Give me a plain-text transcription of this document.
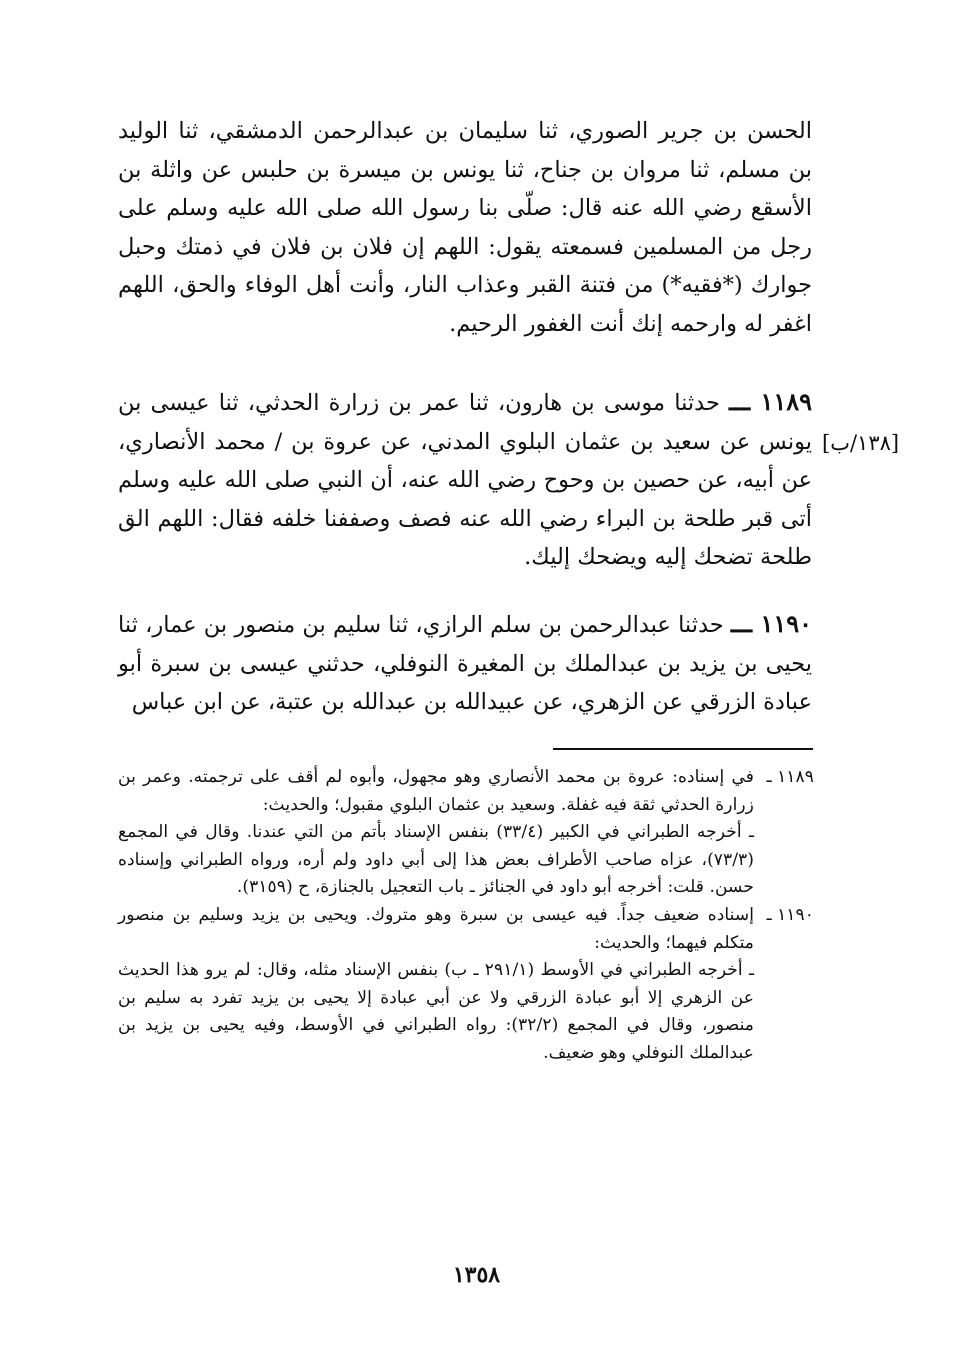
الحسن بن جرير الصوري، ثنا سليمان بن عبدالرحمن الدمشقي، ثنا الوليد بن مسلم، ثنا مروان بن جناح، ثنا يونس بن ميسرة بن حلبس عن واثلة بن الأسقع رضي الله عنه قال: صلّى بنا رسول الله صلى الله عليه وسلم على رجل من المسلمين فسمعته يقول: اللهم إن فلان بن فلان في ذمتك وحبل جوارك (*فقيه*) من فتنة القبر وعذاب النار، وأنت أهل الوفاء والحق، اللهم اغفر له وارحمه إنك أنت الغفور الرحيم.

١١٨٩ ـــ حدثنا موسى بن هارون، ثنا عمر بن زرارة الحدثي، ثنا عيسى بن يونس عن سعيد بن عثمان البلوي المدني، عن عروة بن / محمد الأنصاري، عن أبيه، عن حصين بن وحوح رضي الله عنه، أن النبي صلى الله عليه وسلم أتى قبر طلحة بن البراء رضي الله عنه فصف وصففنا خلفه فقال: اللهم الق طلحة تضحك إليه ويضحك إليك.

[١٣٨/ب]

١١٩٠ ـــ حدثنا عبدالرحمن بن سلم الرازي، ثنا سليم بن منصور بن عمار، ثنا يحيى بن يزيد بن عبدالملك بن المغيرة النوفلي، حدثني عيسى بن سبرة أبو عبادة الزرقي عن الزهري، عن عبيدالله بن عبدالله بن عتبة، عن ابن عباس

١١٨٩ ـ
في إسناده: عروة بن محمد الأنصاري وهو مجهول، وأبوه لم أقف على ترجمته. وعمر بن زرارة الحدثي ثقة فيه غفلة. وسعيد بن عثمان البلوي مقبول؛ والحديث:
ـ أخرجه الطبراني في الكبير (٣٣/٤) بنفس الإسناد بأتم من التي عندنا. وقال في المجمع (٧٣/٣)، عزاه صاحب الأطراف بعض هذا إلى أبي داود ولم أره، ورواه الطبراني وإسناده حسن. قلت: أخرجه أبو داود في الجنائز ـ باب التعجيل بالجنازة، ح (٣١٥٩).
١١٩٠ ـ
إسناده ضعيف جداً. فيه عيسى بن سبرة وهو متروك. ويحيى بن يزيد وسليم بن منصور متكلم فيهما؛ والحديث:
ـ أخرجه الطبراني في الأوسط (٢٩١/١ ـ ب) بنفس الإسناد مثله، وقال: لم يرو هذا الحديث عن الزهري إلا أبو عبادة الزرقي ولا عن أبي عبادة إلا يحيى بن يزيد تفرد به سليم بن منصور، وقال في المجمع (٣٢/٢): رواه الطبراني في الأوسط، وفيه يحيى بن يزيد بن عبدالملك النوفلي وهو ضعيف.
١٣٥٨
